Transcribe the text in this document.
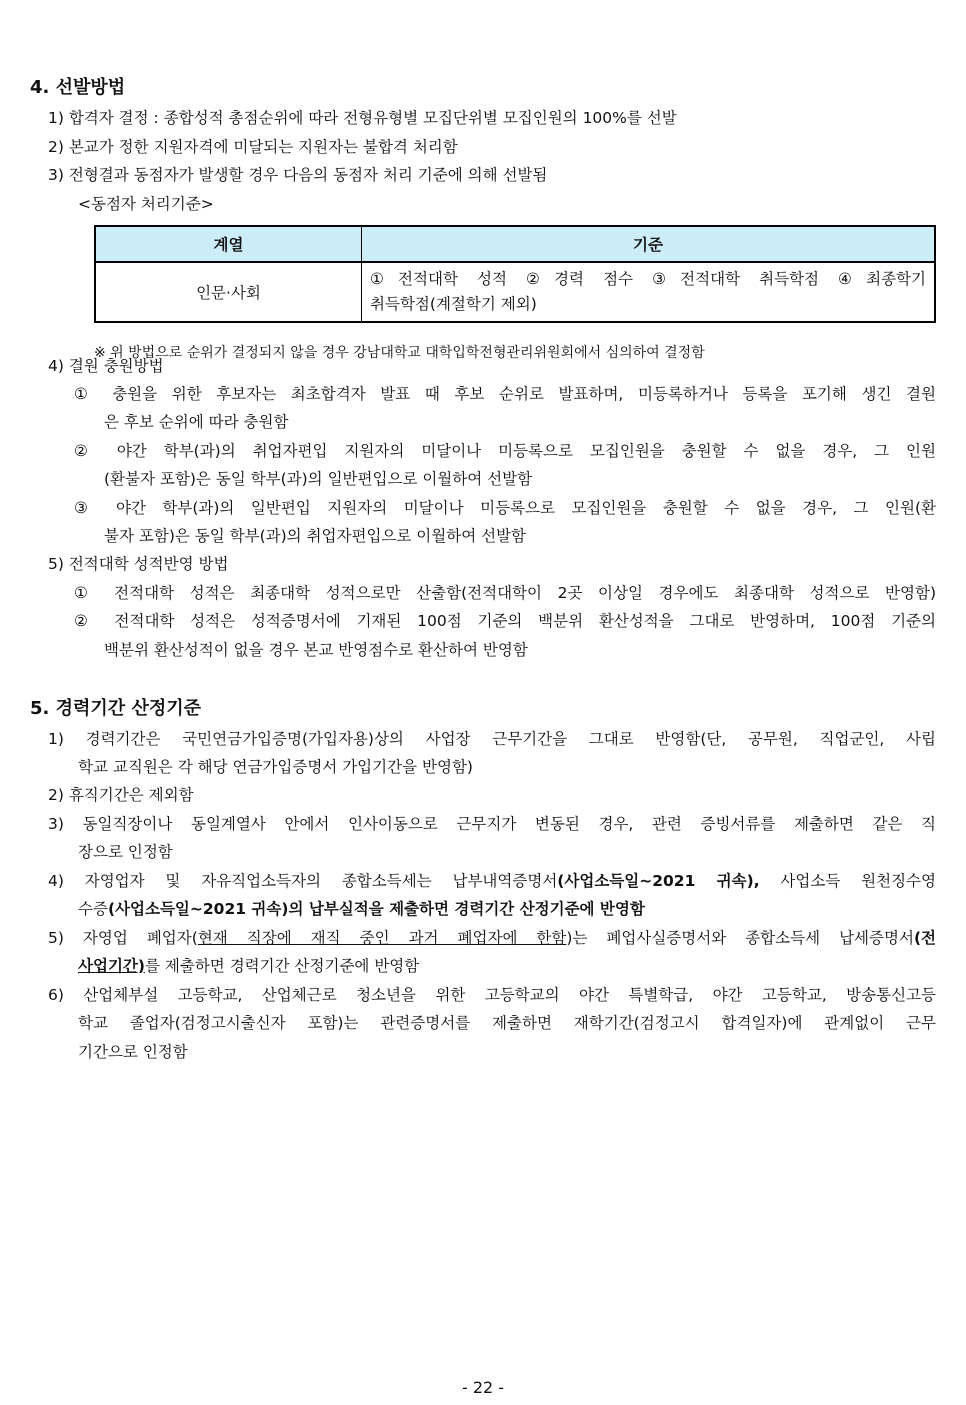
4. 선발방법

1) 합격자 결정 : 종합성적 총점순위에 따라 전형유형별 모집단위별 모집인원의 100%를 선발

2) 본교가 정한 지원자격에 미달되는 지원자는 불합격 처리함

3) 전형결과 동점자가 발생할 경우 다음의 동점자 처리 기준에 의해 선발됨

<동점자 처리기준>

계열	기준
인문·사회	①전적대학 성적 ②경력 점수 ③전적대학 취득학점 ④최종학기
취득학점(계절학기 제외)

※ 위 방법으로 순위가 결정되지 않을 경우 강남대학교 대학입학전형관리위원회에서 심의하여 결정함

4) 결원 충원방법

① 충원을 위한 후보자는 최초합격자 발표 때 후보 순위로 발표하며, 미등록하거나 등록을 포기해 생긴 결원

은 후보 순위에 따라 충원함

② 야간 학부(과)의 취업자편입 지원자의 미달이나 미등록으로 모집인원을 충원할 수 없을 경우, 그 인원

(환불자 포함)은 동일 학부(과)의 일반편입으로 이월하여 선발함

③ 야간 학부(과)의 일반편입 지원자의 미달이나 미등록으로 모집인원을 충원할 수 없을 경우, 그 인원(환

불자 포함)은 동일 학부(과)의 취업자편입으로 이월하여 선발함

5) 전적대학 성적반영 방법

① 전적대학 성적은 최종대학 성적으로만 산출함(전적대학이 2곳 이상일 경우에도 최종대학 성적으로 반영함)

② 전적대학 성적은 성적증명서에 기재된 100점 기준의 백분위 환산성적을 그대로 반영하며, 100점 기준의

백분위 환산성적이 없을 경우 본교 반영점수로 환산하여 반영함

5. 경력기간 산정기준

1) 경력기간은 국민연금가입증명(가입자용)상의 사업장 근무기간을 그대로 반영함(단, 공무원, 직업군인, 사립

학교 교직원은 각 해당 연금가입증명서 가입기간을 반영함)

2) 휴직기간은 제외함

3) 동일직장이나 동일계열사 안에서 인사이동으로 근무지가 변동된 경우, 관련 증빙서류를 제출하면 같은 직

장으로 인정함

4) 자영업자 및 자유직업소득자의 종합소득세는 납부내역증명서(사업소득일~2021 귀속), 사업소득 원천징수영

수증(사업소득일~2021 귀속)의 납부실적을 제출하면 경력기간 산정기준에 반영함

5) 자영업 폐업자(현재 직장에 재직 중인 과거 폐업자에 한함)는 폐업사실증명서와 종합소득세 납세증명서(전

사업기간)를 제출하면 경력기간 산정기준에 반영함

6) 산업체부설 고등학교, 산업체근로 청소년을 위한 고등학교의 야간 특별학급, 야간 고등학교, 방송통신고등

학교 졸업자(검정고시출신자 포함)는 관련증명서를 제출하면 재학기간(검정고시 합격일자)에 관계없이 근무

기간으로 인정함

- 22 -
